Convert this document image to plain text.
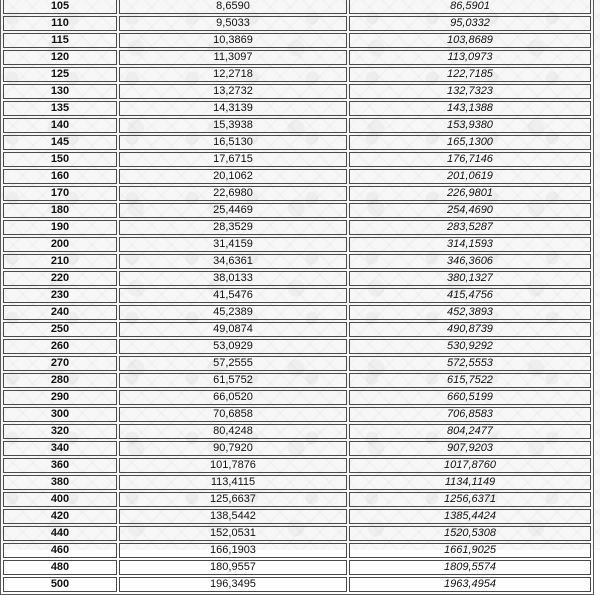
105	8,6590	86,5901
110	9,5033	95,0332
115	10,3869	103,8689
120	11,3097	113,0973
125	12,2718	122,7185
130	13,2732	132,7323
135	14,3139	143,1388
140	15,3938	153,9380
145	16,5130	165,1300
150	17,6715	176,7146
160	20,1062	201,0619
170	22,6980	226,9801
180	25,4469	254,4690
190	28,3529	283,5287
200	31,4159	314,1593
210	34,6361	346,3606
220	38,0133	380,1327
230	41,5476	415,4756
240	45,2389	452,3893
250	49,0874	490,8739
260	53,0929	530,9292
270	57,2555	572,5553
280	61,5752	615,7522
290	66,0520	660,5199
300	70,6858	706,8583
320	80,4248	804,2477
340	90,7920	907,9203
360	101,7876	1017,8760
380	113,4115	1134,1149
400	125,6637	1256,6371
420	138,5442	1385,4424
440	152,0531	1520,5308
460	166,1903	1661,9025
480	180,9557	1809,5574
500	196,3495	1963,4954
